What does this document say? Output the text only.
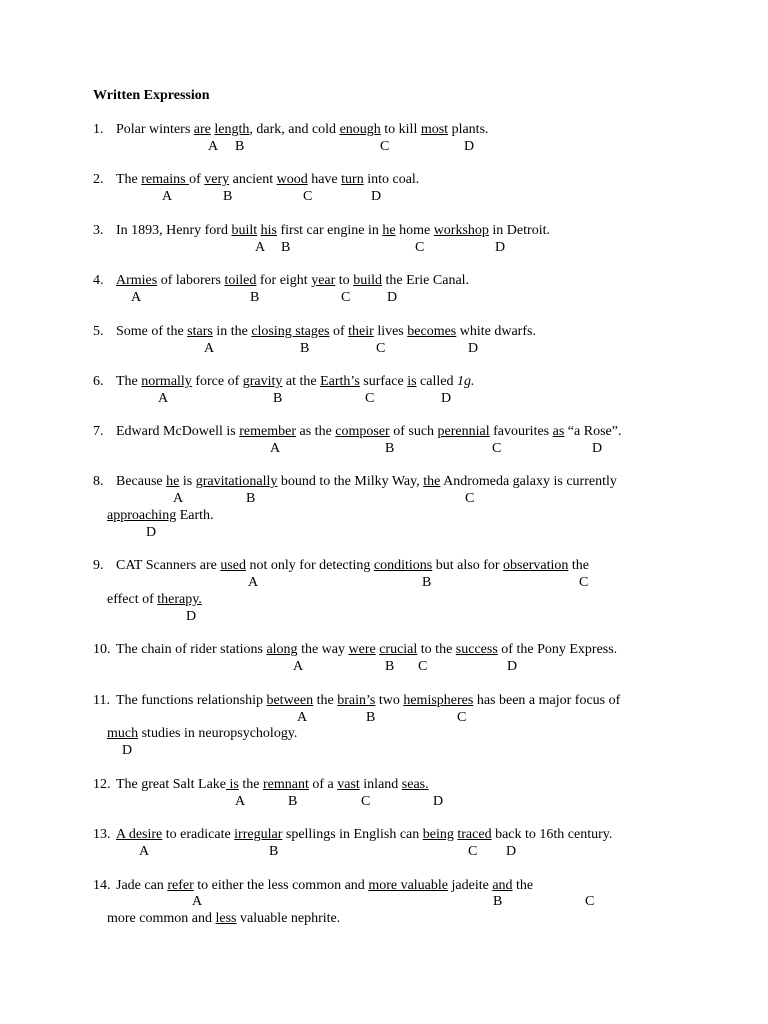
Written Expression
1. Polar winters are length, dark, and cold enough to kill most plants.
A B	C	D
2. The remains of very ancient wood have turn into coal.
A	B	C	D
3. In 1893, Henry ford built his first car engine in he home workshop in Detroit.
A B	C	D
4. Armies of laborers toiled for eight year to build the Erie Canal.
A	B	C	D
5. Some of the stars in the closing stages of their lives becomes white dwarfs.
A	B	C	D
6. The normally force of gravity at the Earth’s surface is called 1g.
A	B	C	D
7. Edward McDowell is remember as the composer of such perennial favourites as “a Rose”.
A	B	C	D
8. Because he is gravitationally bound to the Milky Way, the Andromeda galaxy is currently
A	B	C
approaching Earth.
D
9. CAT Scanners are used not only for detecting conditions but also for observation the
A	B	C
effect of therapy.
D
10. The chain of rider stations along the way were crucial to the success of the Pony Express.
A	B C	D
11. The functions relationship between the brain’s two hemispheres has been a major focus of
A	B	C
much studies in neuropsychology.
D
12. The great Salt Lake is the remnant of a vast inland seas.
A	B	C	D
13. A desire to eradicate irregular spellings in English can being traced back to 16th century.
A	B	C D
14. Jade can refer to either the less common and more valuable jadeite and the
A	B	C
more common and less valuable nephrite.
